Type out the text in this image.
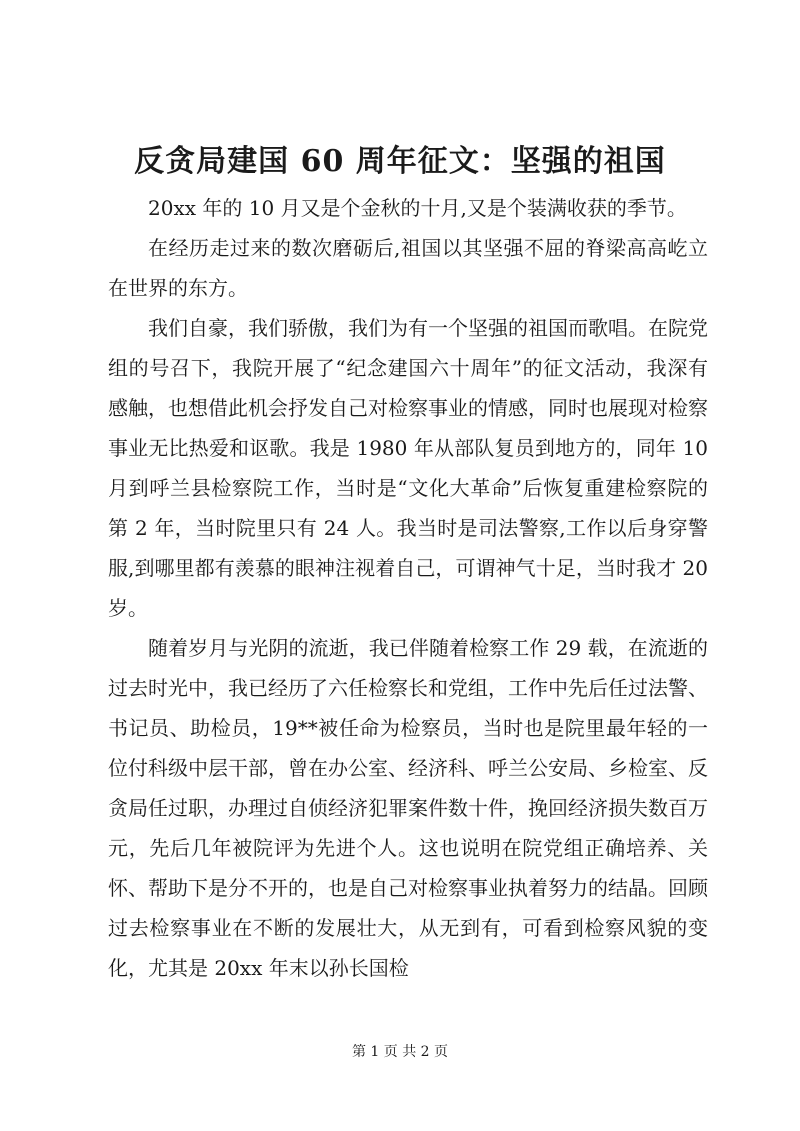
反贪局建国 60 周年征文：坚强的祖国

20xx 年的 10 月又是个金秋的十月,又是个装满收获的季节。

在经历走过来的数次磨砺后,祖国以其坚强不屈的脊梁高高屹立在世界的东方。

我们自豪，我们骄傲，我们为有一个坚强的祖国而歌唱。在院党组的号召下，我院开展了“纪念建国六十周年”的征文活动，我深有感触，也想借此机会抒发自己对检察事业的情感，同时也展现对检察事业无比热爱和讴歌。我是 1980 年从部队复员到地方的，同年 10 月到呼兰县检察院工作，当时是“文化大革命”后恢复重建检察院的第 2 年，当时院里只有 24 人。我当时是司法警察,工作以后身穿警服,到哪里都有羡慕的眼神注视着自己，可谓神气十足，当时我才 20 岁。

随着岁月与光阴的流逝，我已伴随着检察工作 29 载，在流逝的过去时光中，我已经历了六任检察长和党组，工作中先后任过法警、书记员、助检员，19**被任命为检察员，当时也是院里最年轻的一位付科级中层干部，曾在办公室、经济科、呼兰公安局、乡检室、反贪局任过职，办理过自侦经济犯罪案件数十件，挽回经济损失数百万元，先后几年被院评为先进个人。这也说明在院党组正确培养、关怀、帮助下是分不开的，也是自己对检察事业执着努力的结晶。回顾过去检察事业在不断的发展壮大，从无到有，可看到检察风貌的变化，尤其是 20xx 年末以孙长国检

第 1 页 共 2 页
